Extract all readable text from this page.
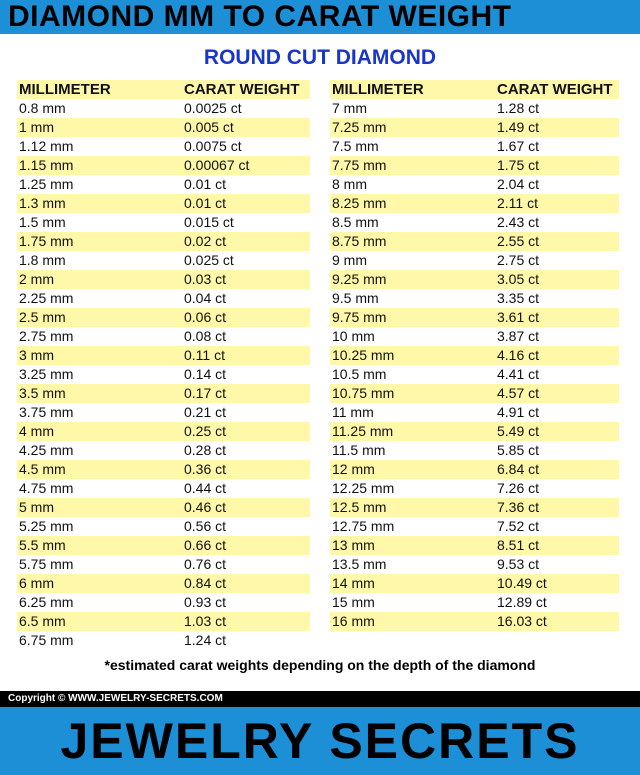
DIAMOND MM TO CARAT WEIGHT
ROUND CUT DIAMOND
MILLIMETER	CARAT WEIGHT
0.8 mm	0.0025 ct
1 mm	0.005 ct
1.12 mm	0.0075 ct
1.15 mm	0.00067 ct
1.25 mm	0.01 ct
1.3 mm	0.01 ct
1.5 mm	0.015 ct
1.75 mm	0.02 ct
1.8 mm	0.025 ct
2 mm	0.03 ct
2.25 mm	0.04 ct
2.5 mm	0.06 ct
2.75 mm	0.08 ct
3 mm	0.11 ct
3.25 mm	0.14 ct
3.5 mm	0.17 ct
3.75 mm	0.21 ct
4 mm	0.25 ct
4.25 mm	0.28 ct
4.5 mm	0.36 ct
4.75 mm	0.44 ct
5 mm	0.46 ct
5.25 mm	0.56 ct
5.5 mm	0.66 ct
5.75 mm	0.76 ct
6 mm	0.84 ct
6.25 mm	0.93 ct
6.5 mm	1.03 ct
6.75 mm	1.24 ct
MILLIMETER	CARAT WEIGHT
7 mm	1.28 ct
7.25 mm	1.49 ct
7.5 mm	1.67 ct
7.75 mm	1.75 ct
8 mm	2.04 ct
8.25 mm	2.11 ct
8.5 mm	2.43 ct
8.75 mm	2.55 ct
9 mm	2.75 ct
9.25 mm	3.05 ct
9.5 mm	3.35 ct
9.75 mm	3.61 ct
10 mm	3.87 ct
10.25 mm	4.16 ct
10.5 mm	4.41 ct
10.75 mm	4.57 ct
11 mm	4.91 ct
11.25 mm	5.49 ct
11.5 mm	5.85 ct
12 mm	6.84 ct
12.25 mm	7.26 ct
12.5 mm	7.36 ct
12.75 mm	7.52 ct
13 mm	8.51 ct
13.5 mm	9.53 ct
14 mm	10.49 ct
15 mm	12.89 ct
16 mm	16.03 ct
*estimated carat weights depending on the depth of the diamond
Copyright © WWW.JEWELRY-SECRETS.COM
JEWELRY SECRETS
